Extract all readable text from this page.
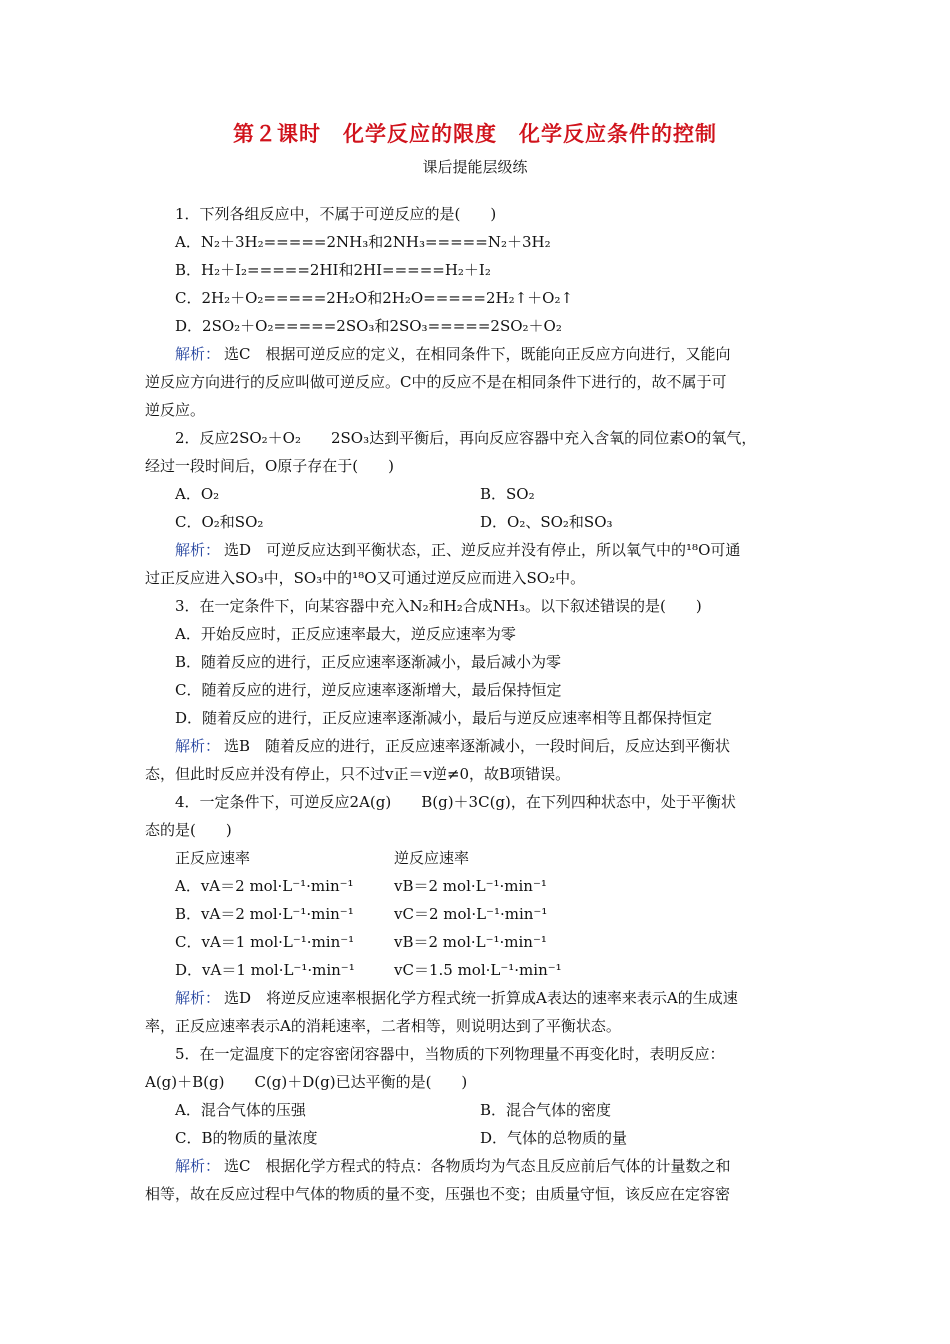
第２课时　化学反应的限度　化学反应条件的控制
课后提能层级练
1．下列各组反应中，不属于可逆反应的是(　　)
A．N₂＋3H₂=====2NH₃和2NH₃=====N₂＋3H₂
B．H₂＋I₂=====2HI和2HI=====H₂＋I₂
C．2H₂＋O₂=====2H₂O和2H₂O=====2H₂↑＋O₂↑
D．2SO₂＋O₂=====2SO₃和2SO₃=====2SO₂＋O₂
解析： 选C　根据可逆反应的定义，在相同条件下，既能向正反应方向进行，又能向
逆反应方向进行的反应叫做可逆反应。C中的反应不是在相同条件下进行的，故不属于可
逆反应。
2．反应2SO₂＋O₂　　2SO₃达到平衡后，再向反应容器中充入含氧的同位素O的氧气，
经过一段时间后，O原子存在于(　　)
A．O₂	B．SO₂
C．O₂和SO₂	D．O₂、SO₂和SO₃
解析： 选D　可逆反应达到平衡状态，正、逆反应并没有停止，所以氧气中的¹⁸O可通
过正反应进入SO₃中，SO₃中的¹⁸O又可通过逆反应而进入SO₂中。
3．在一定条件下，向某容器中充入N₂和H₂合成NH₃。以下叙述错误的是(　　)
A．开始反应时，正反应速率最大，逆反应速率为零
B．随着反应的进行，正反应速率逐渐减小，最后减小为零
C．随着反应的进行，逆反应速率逐渐增大，最后保持恒定
D．随着反应的进行，正反应速率逐渐减小，最后与逆反应速率相等且都保持恒定
解析： 选B　随着反应的进行，正反应速率逐渐减小，一段时间后，反应达到平衡状
态，但此时反应并没有停止，只不过v正＝v逆≠0，故B项错误。
4．一定条件下，可逆反应2A(g)　　B(g)＋3C(g)，在下列四种状态中，处于平衡状
态的是(　　)
正反应速率	逆反应速率
A．vA＝2 mol·L⁻¹·min⁻¹	vB＝2 mol·L⁻¹·min⁻¹
B．vA＝2 mol·L⁻¹·min⁻¹	vC＝2 mol·L⁻¹·min⁻¹
C．vA＝1 mol·L⁻¹·min⁻¹	vB＝2 mol·L⁻¹·min⁻¹
D．vA＝1 mol·L⁻¹·min⁻¹	vC＝1.5 mol·L⁻¹·min⁻¹
解析： 选D　将逆反应速率根据化学方程式统一折算成A表达的速率来表示A的生成速
率，正反应速率表示A的消耗速率，二者相等，则说明达到了平衡状态。
5．在一定温度下的定容密闭容器中，当物质的下列物理量不再变化时，表明反应：
A(g)＋B(g)　　C(g)＋D(g)已达平衡的是(　　)
A．混合气体的压强	B．混合气体的密度
C．B的物质的量浓度	D．气体的总物质的量
解析： 选C　根据化学方程式的特点：各物质均为气态且反应前后气体的计量数之和
相等，故在反应过程中气体的物质的量不变，压强也不变；由质量守恒，该反应在定容密
